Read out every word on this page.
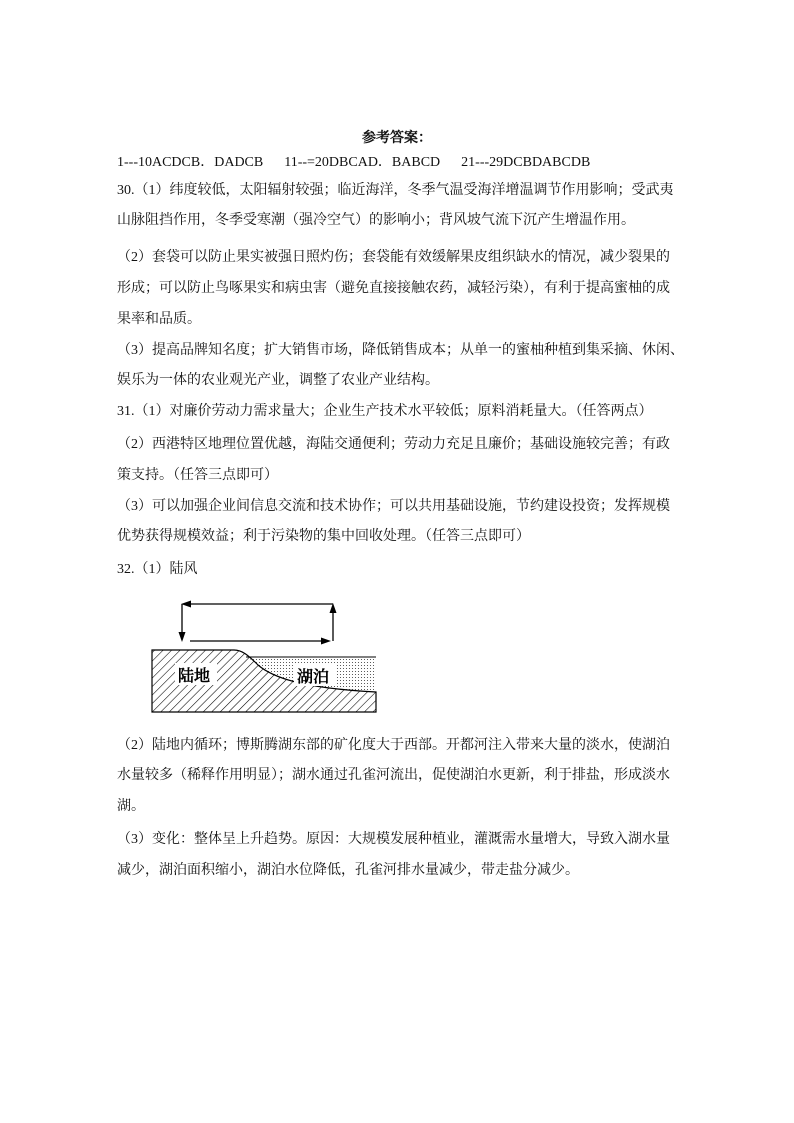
参考答案：
1---10ACDCB．DADCB      11--=20DBCAD．BABCD      21---29DCBDABCDB
30.（1）纬度较低，太阳辐射较强；临近海洋，冬季气温受海洋增温调节作用影响；受武夷
山脉阻挡作用，冬季受寒潮（强冷空气）的影响小；背风坡气流下沉产生增温作用。
（2）套袋可以防止果实被强日照灼伤；套袋能有效缓解果皮组织缺水的情况，减少裂果的
形成；可以防止鸟啄果实和病虫害（避免直接接触农药，减轻污染），有利于提高蜜柚的成
果率和品质。
（3）提高品牌知名度；扩大销售市场，降低销售成本；从单一的蜜柚种植到集采摘、休闲、
娱乐为一体的农业观光产业，调整了农业产业结构。
31.（1）对廉价劳动力需求量大；企业生产技术水平较低；原料消耗量大。（任答两点）
（2）西港特区地理位置优越，海陆交通便利；劳动力充足且廉价；基础设施较完善；有政
策支持。（任答三点即可）
（3）可以加强企业间信息交流和技术协作；可以共用基础设施，节约建设投资；发挥规模
优势获得规模效益；利于污染物的集中回收处理。（任答三点即可）
32.（1）陆风
陆地	湖泊
（2）陆地内循环；博斯腾湖东部的矿化度大于西部。开都河注入带来大量的淡水，使湖泊
水量较多（稀释作用明显）；湖水通过孔雀河流出，促使湖泊水更新，利于排盐，形成淡水
湖。
（3）变化：整体呈上升趋势。原因：大规模发展种植业，灌溉需水量增大，导致入湖水量
减少，湖泊面积缩小，湖泊水位降低，孔雀河排水量减少，带走盐分减少。
